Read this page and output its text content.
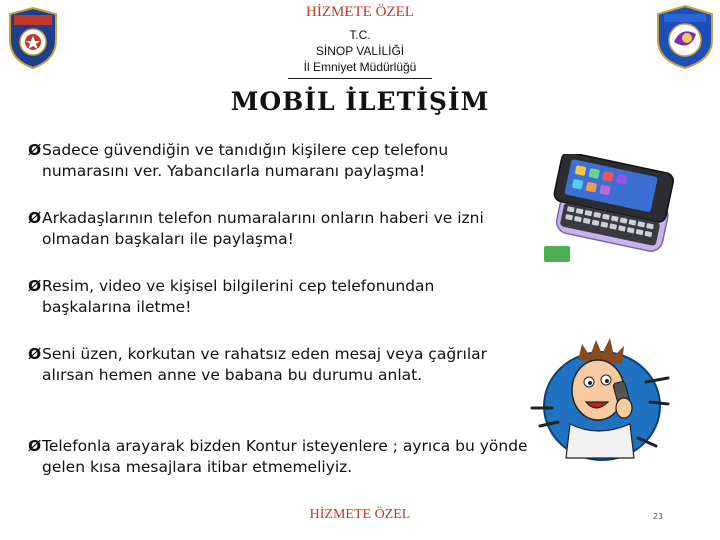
HİZMETE ÖZEL
T.C.
SİNOP VALİLİĞİ
İl Emniyet Müdürlüğü
MOBİL İLETİŞİM
Ø Sadece güvendiğin ve tanıdığın kişilere cep telefonu numarasını ver. Yabancılarla numaranı paylaşma!
Ø Arkadaşlarının telefon numaralarını onların haberi ve izni olmadan başkaları ile paylaşma!
Ø Resim, video ve kişisel bilgilerini cep telefonundan başkalarına iletme!
Ø Seni üzen, korkutan ve rahatsız eden mesaj veya çağrılar alırsan hemen anne ve babana bu durumu anlat.
Ø Telefonla arayarak bizden Kontur isteyenlere ; ayrıca bu yönde gelen kısa mesajlara itibar etmemeliyiz.
HİZMETE ÖZEL	23
